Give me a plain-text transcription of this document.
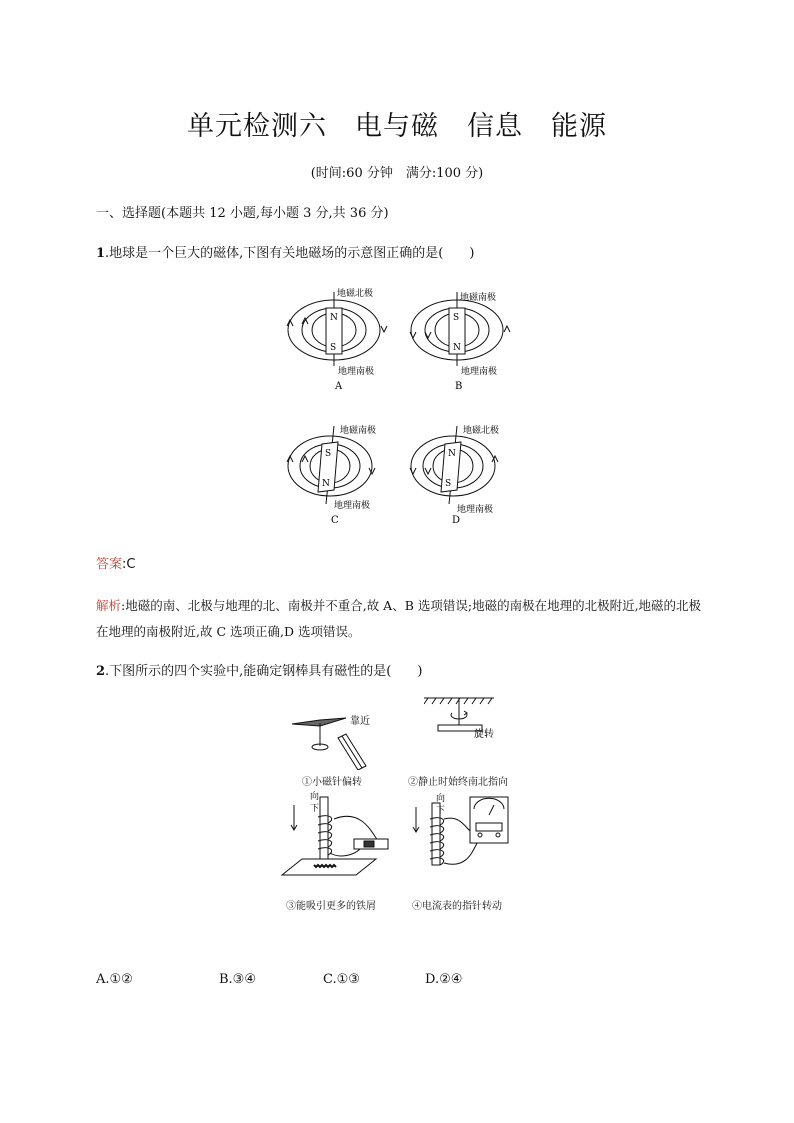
单元检测六　电与磁　信息　能源
(时间:60 分钟　满分:100 分)
一、选择题(本题共 12 小题,每小题 3 分,共 36 分)
1.地球是一个巨大的磁体,下图有关地磁场的示意图正确的是(　　)
N
S
地磁北极
地理南极
A
S
N
地磁南极
地理南极
B
S
N
地磁南极
地理南极
C
N
S
地磁北极
地理南极
D
答案:C
解析:地磁的南、北极与地理的北、南极并不重合,故 A、B 选项错误;地磁的南极在地理的北极附近,地磁的北极在地理的南极附近,故 C 选项正确,D 选项错误。
2.下图所示的四个实验中,能确定钢棒具有磁性的是(　　)
靠近
①小磁针偏转
旋转
②静止时始终南北指向
向
下
③能吸引更多的铁屑
向
下
④电流表的指针转动
A.①②	B.③④	C.①③	D.②④
